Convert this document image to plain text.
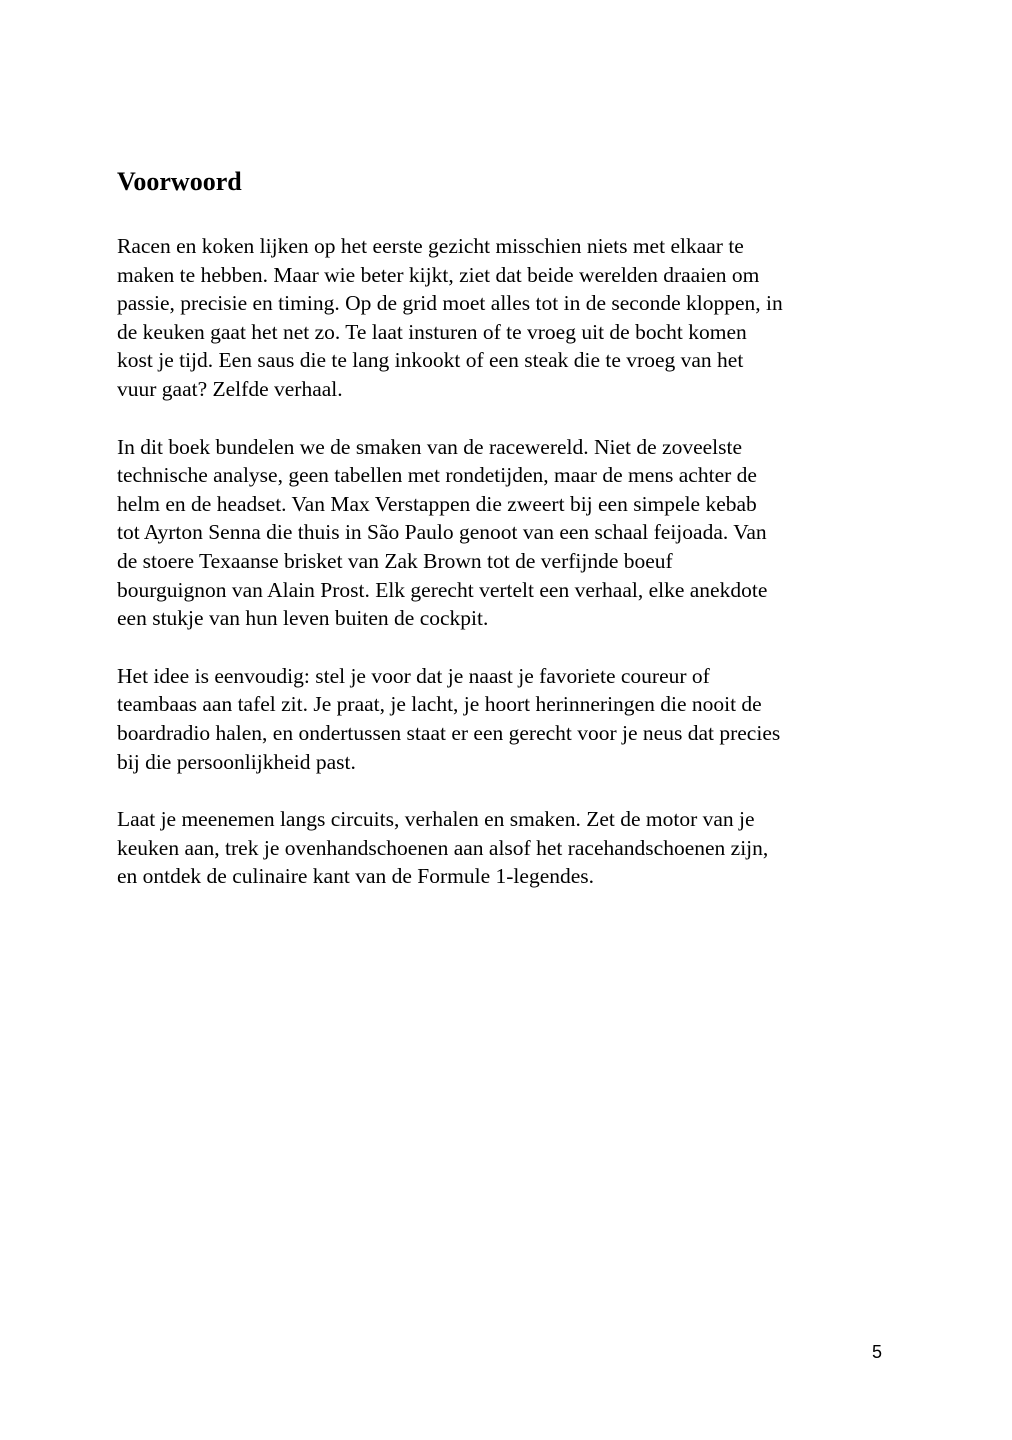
Voorwoord

Racen en koken lijken op het eerste gezicht misschien niets met elkaar te
maken te hebben. Maar wie beter kijkt, ziet dat beide werelden draaien om
passie, precisie en timing. Op de grid moet alles tot in de seconde kloppen, in
de keuken gaat het net zo. Te laat insturen of te vroeg uit de bocht komen
kost je tijd. Een saus die te lang inkookt of een steak die te vroeg van het
vuur gaat? Zelfde verhaal.

In dit boek bundelen we de smaken van de racewereld. Niet de zoveelste
technische analyse, geen tabellen met rondetijden, maar de mens achter de
helm en de headset. Van Max Verstappen die zweert bij een simpele kebab
tot Ayrton Senna die thuis in São Paulo genoot van een schaal feijoada. Van
de stoere Texaanse brisket van Zak Brown tot de verfijnde boeuf
bourguignon van Alain Prost. Elk gerecht vertelt een verhaal, elke anekdote
een stukje van hun leven buiten de cockpit.

Het idee is eenvoudig: stel je voor dat je naast je favoriete coureur of
teambaas aan tafel zit. Je praat, je lacht, je hoort herinneringen die nooit de
boardradio halen, en ondertussen staat er een gerecht voor je neus dat precies
bij die persoonlijkheid past.

Laat je meenemen langs circuits, verhalen en smaken. Zet de motor van je
keuken aan, trek je ovenhandschoenen aan alsof het racehandschoenen zijn,
en ontdek de culinaire kant van de Formule 1-legendes.

5
